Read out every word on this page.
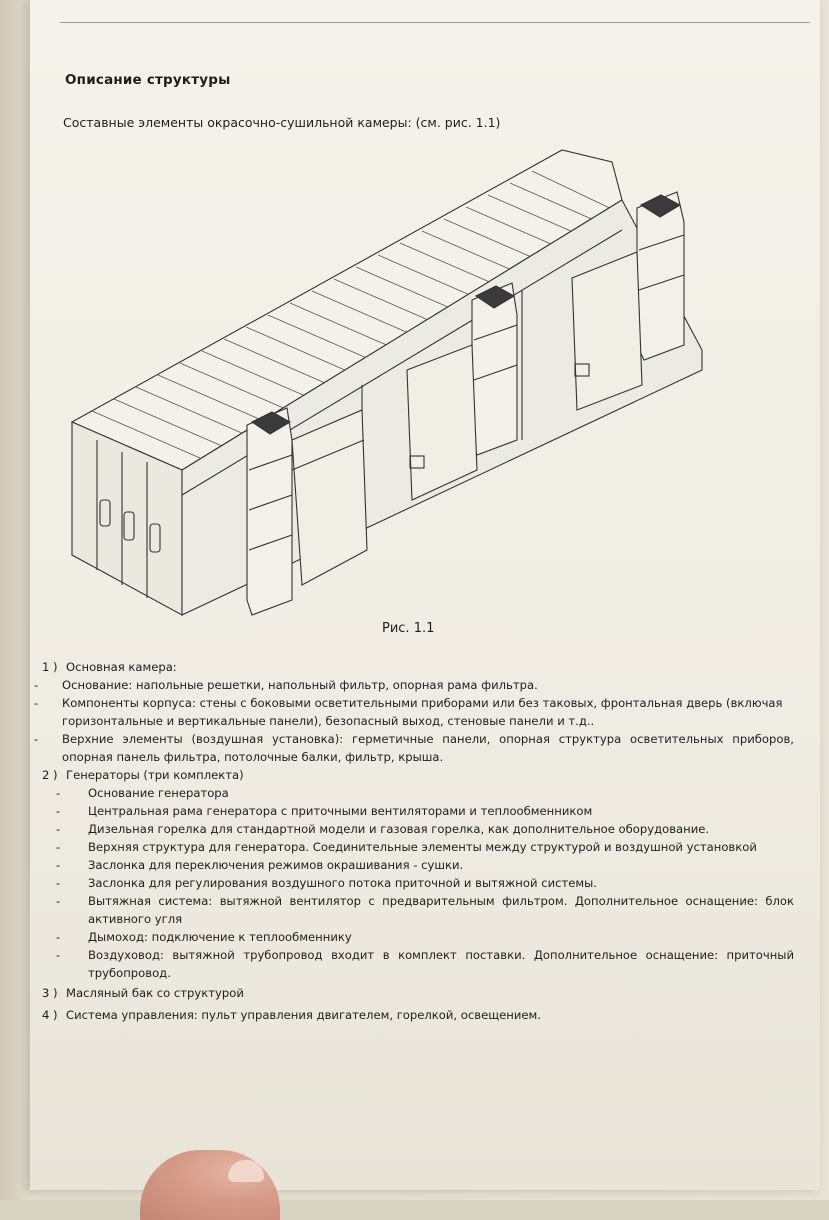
Описание структуры
Составные элементы окрасочно-сушильной камеры: (см. рис. 1.1)
Рис. 1.1

1 ) Основная камера:

- Основание: напольные решетки, напольный фильтр, опорная рама фильтра.

- Компоненты корпуса: стены с боковыми осветительными приборами или без таковых, фронтальная дверь (включая горизонтальные и вертикальные панели), безопасный выход, стеновые панели и т.д..

- Верхние элементы (воздушная установка): герметичные панели, опорная структура осветительных приборов, опорная панель фильтра, потолочные балки, фильтр, крыша.

2 ) Генераторы (три комплекта)

- Основание генератора

- Центральная рама генератора с приточными вентиляторами и теплообменником

- Дизельная горелка для стандартной модели и газовая горелка, как дополнительное оборудование.

- Верхняя структура для генератора. Соединительные элементы между структурой и воздушной установкой

- Заслонка для переключения режимов окрашивания - сушки.

- Заслонка для регулирования воздушного потока приточной и вытяжной системы.

- Вытяжная система: вытяжной вентилятор с предварительным фильтром. Дополнительное оснащение: блок активного угля

- Дымоход: подключение к теплообменнику

- Воздуховод: вытяжной трубопровод входит в комплект поставки. Дополнительное оснащение: приточный трубопровод.

3 ) Масляный бак со структурой

4 ) Система управления: пульт управления двигателем, горелкой, освещением.
